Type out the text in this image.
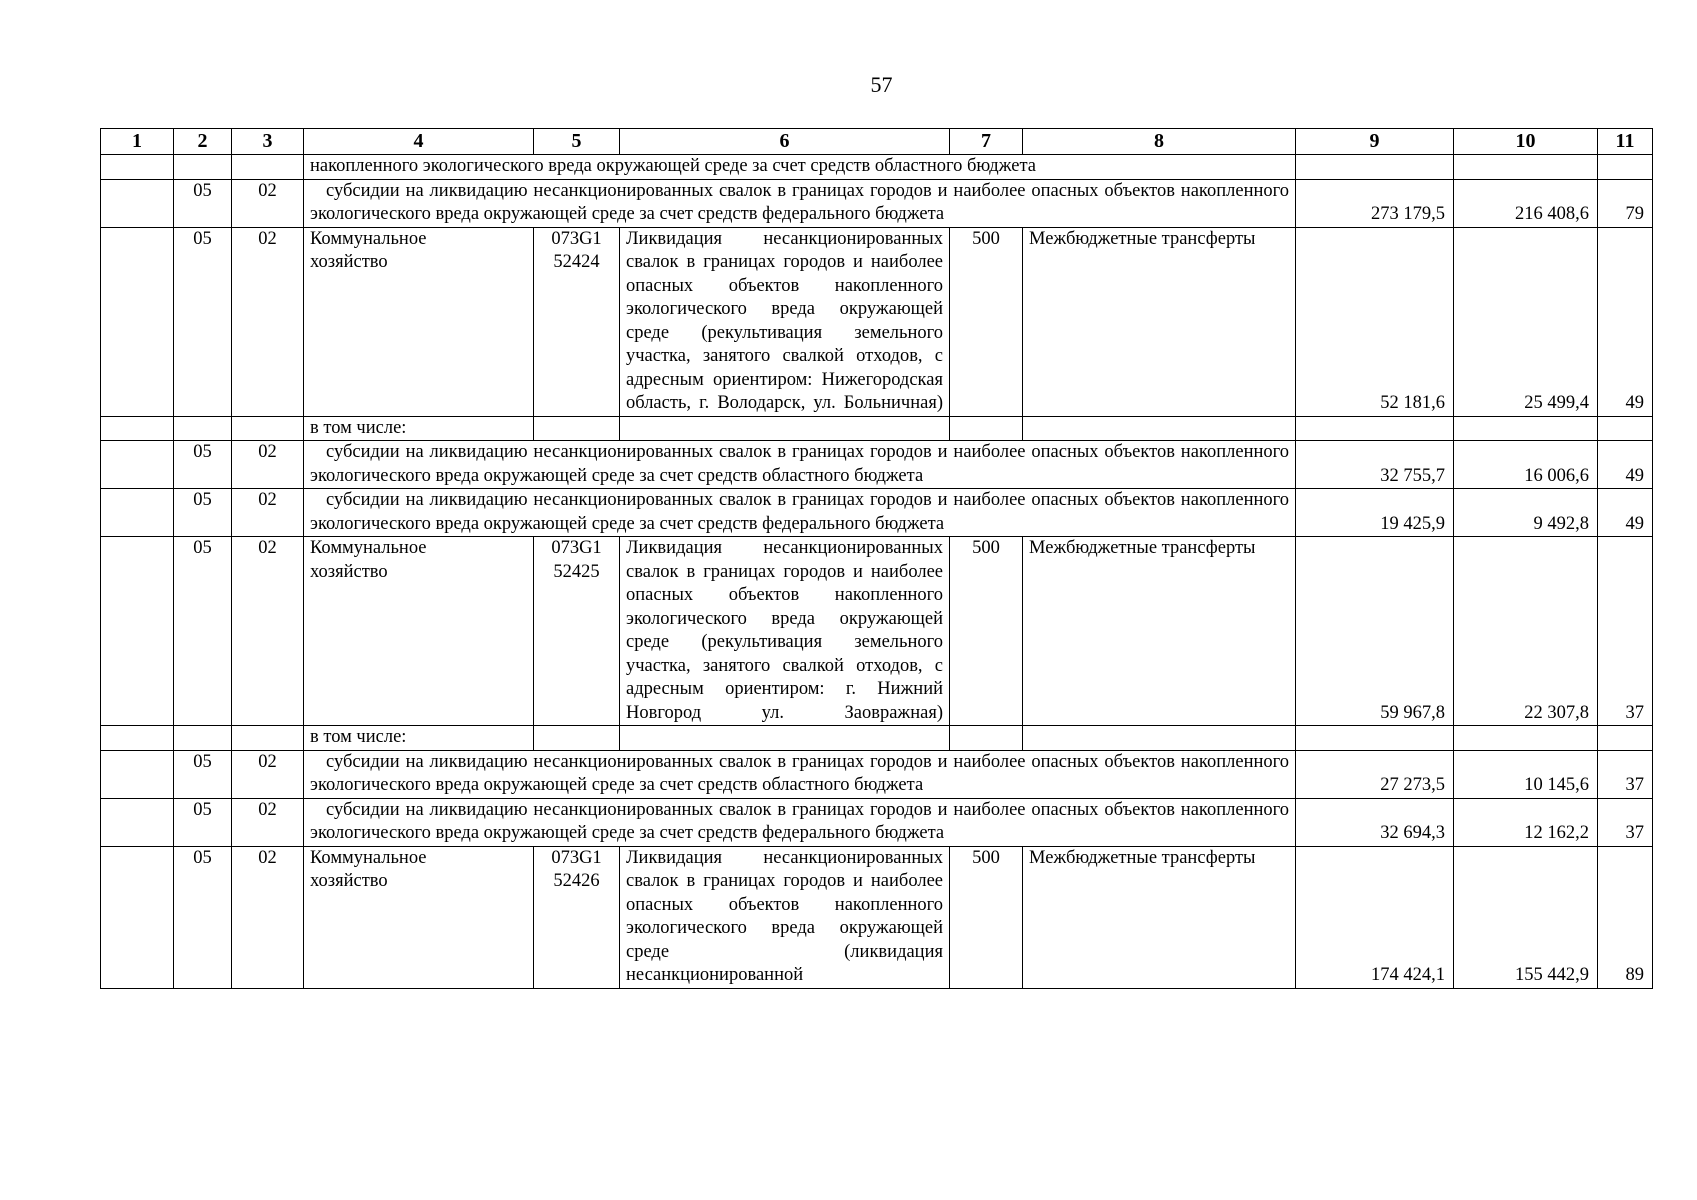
57
1	2	3	4	5	6	7	8	9	10	11
			накопленного экологического вреда окружающей среде за счет средств областного бюджета							
	05	02	субсидии на ликвидацию несанкционированных свалок в границах городов и наиболее опасных объектов накопленного экологического вреда окружающей среде за счет средств федерального бюджета					273 179,5	216 408,6	79
	05	02	Коммунальное хозяйство	073G1 52424	Ликвидация несанкционированных свалок в границах городов и наиболее опасных объектов накопленного экологического вреда окружающей среде (рекультивация земельного участка, занятого свалкой отходов, с адресным ориентиром: Нижегородская область, г. Володарск, ул. Больничная)	500	Межбюджетные трансферты	52 181,6	25 499,4	49
			в том числе:							
	05	02	субсидии на ликвидацию несанкционированных свалок в границах городов и наиболее опасных объектов накопленного экологического вреда окружающей среде за счет средств областного бюджета					32 755,7	16 006,6	49
	05	02	субсидии на ликвидацию несанкционированных свалок в границах городов и наиболее опасных объектов накопленного экологического вреда окружающей среде за счет средств федерального бюджета					19 425,9	9 492,8	49
	05	02	Коммунальное хозяйство	073G1 52425	Ликвидация несанкционированных свалок в границах городов и наиболее опасных объектов накопленного экологического вреда окружающей среде (рекультивация земельного участка, занятого свалкой отходов, с адресным ориентиром: г. Нижний Новгород ул. Заовражная)	500	Межбюджетные трансферты	59 967,8	22 307,8	37
			в том числе:							
	05	02	субсидии на ликвидацию несанкционированных свалок в границах городов и наиболее опасных объектов накопленного экологического вреда окружающей среде за счет средств областного бюджета					27 273,5	10 145,6	37
	05	02	субсидии на ликвидацию несанкционированных свалок в границах городов и наиболее опасных объектов накопленного экологического вреда окружающей среде за счет средств федерального бюджета					32 694,3	12 162,2	37
	05	02	Коммунальное хозяйство	073G1 52426	Ликвидация несанкционированных свалок в границах городов и наиболее опасных объектов накопленного экологического вреда окружающей среде (ликвидация несанкционированной	500	Межбюджетные трансферты	174 424,1	155 442,9	89
